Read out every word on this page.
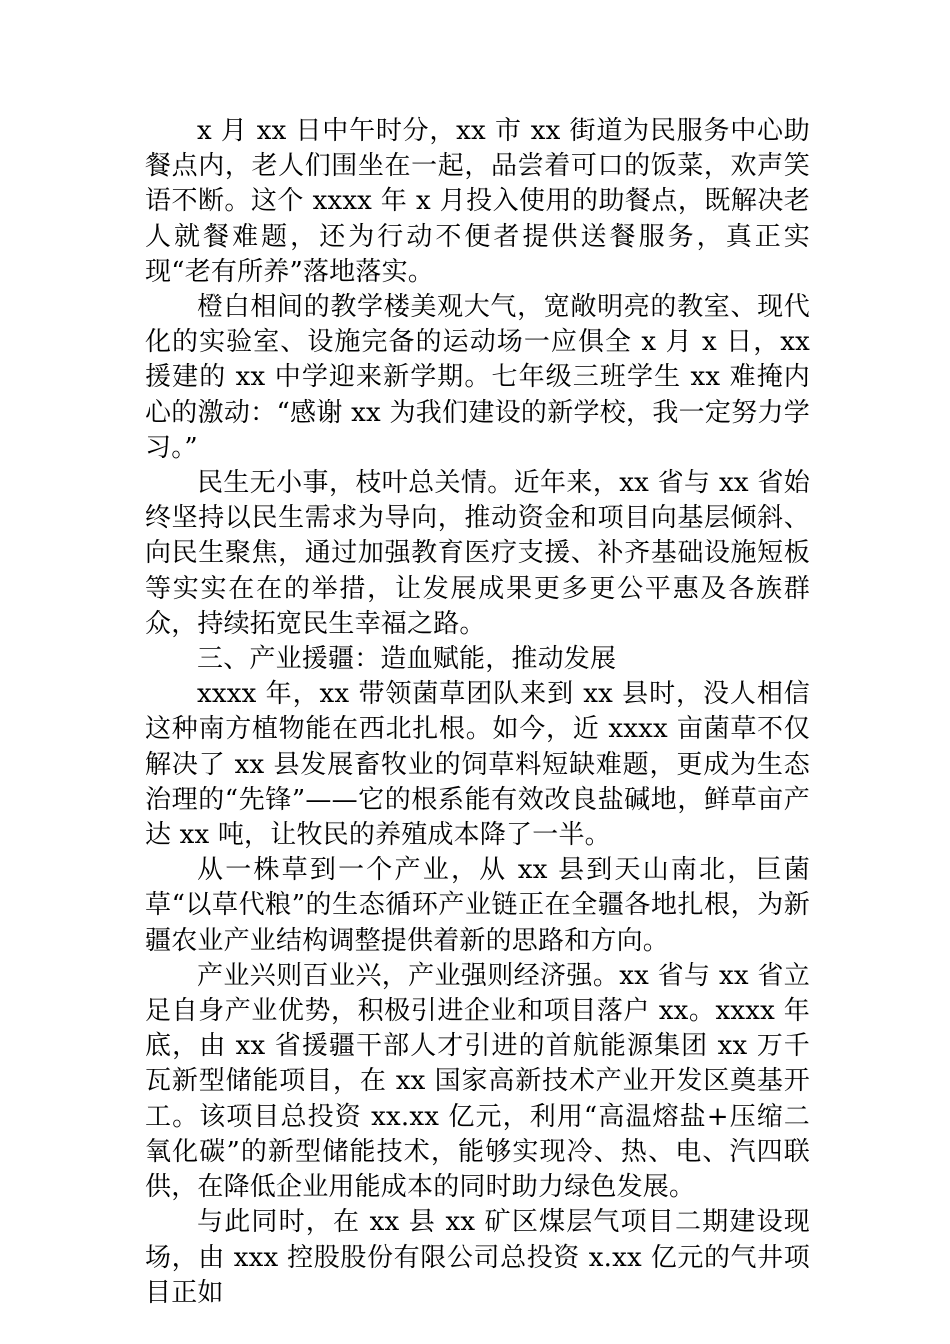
x 月 xx 日中午时分，xx 市 xx 街道为民服务中心助餐点内，老人们围坐在一起，品尝着可口的饭菜，欢声笑语不断。这个 xxxx 年 x 月投入使用的助餐点，既解决老人就餐难题，还为行动不便者提供送餐服务，真正实现“老有所养”落地落实。

橙白相间的教学楼美观大气，宽敞明亮的教室、现代化的实验室、设施完备的运动场一应俱全 x 月 x 日，xx 援建的 xx 中学迎来新学期。七年级三班学生 xx 难掩内心的激动：“感谢 xx 为我们建设的新学校，我一定努力学习。”

民生无小事，枝叶总关情。近年来，xx 省与 xx 省始终坚持以民生需求为导向，推动资金和项目向基层倾斜、向民生聚焦，通过加强教育医疗支援、补齐基础设施短板等实实在在的举措，让发展成果更多更公平惠及各族群众，持续拓宽民生幸福之路。

三、产业援疆：造血赋能，推动发展

xxxx 年，xx 带领菌草团队来到 xx 县时，没人相信这种南方植物能在西北扎根。如今，近 xxxx 亩菌草不仅解决了 xx 县发展畜牧业的饲草料短缺难题，更成为生态治理的“先锋”——它的根系能有效改良盐碱地，鲜草亩产达 xx 吨，让牧民的养殖成本降了一半。

从一株草到一个产业，从 xx 县到天山南北，巨菌草“以草代粮”的生态循环产业链正在全疆各地扎根，为新疆农业产业结构调整提供着新的思路和方向。

产业兴则百业兴，产业强则经济强。xx 省与 xx 省立足自身产业优势，积极引进企业和项目落户 xx。xxxx 年底，由 xx 省援疆干部人才引进的首航能源集团 xx 万千瓦新型储能项目，在 xx 国家高新技术产业开发区奠基开工。该项目总投资 xx.xx 亿元，利用“高温熔盐+压缩二氧化碳”的新型储能技术，能够实现冷、热、电、汽四联供，在降低企业用能成本的同时助力绿色发展。

与此同时，在 xx 县 xx 矿区煤层气项目二期建设现场，由 xxx 控股股份有限公司总投资 x.xx 亿元的气井项目正如
